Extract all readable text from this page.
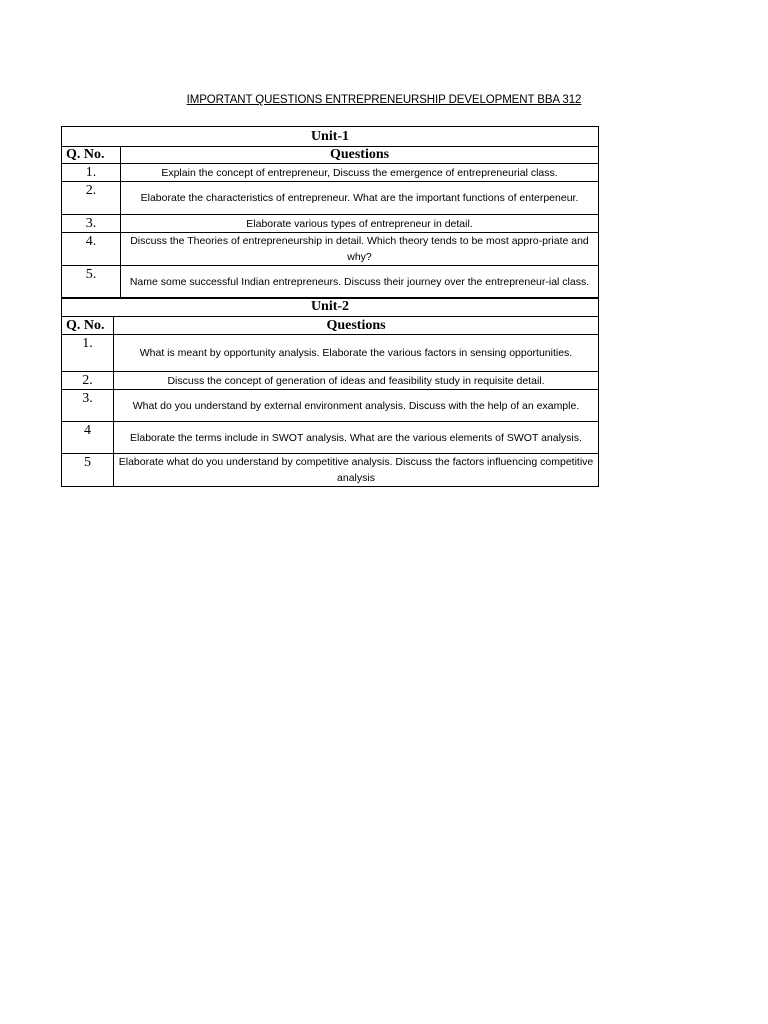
IMPORTANT QUESTIONS ENTREPRENEURSHIP DEVELOPMENT BBA 312
Unit-1	
Q. No.	Questions
1.	Explain the concept of entrepreneur, Discuss the emergence of entrepreneurial class.
2.	Elaborate the characteristics of entrepreneur. What are the important functions of enterpeneur.
3.	Elaborate various types of entrepreneur in detail.
4.	Discuss the Theories of entrepreneurship in detail. Which theory tends to be most appro-priate and why?
5.	Name some successful Indian entrepreneurs. Discuss their journey over the entrepreneur-ial class.
Unit-2	
Q. No.	Questions
1.	What is meant by opportunity analysis. Elaborate the various factors in sensing opportunities.
2.	Discuss the concept of generation of ideas and feasibility study in requisite detail.
3.	What do you understand by external environment analysis. Discuss with the help of an example.
4	Elaborate the terms include in SWOT analysis. What are the various elements of SWOT analysis.
5	Elaborate what do you understand by competitive analysis. Discuss the factors influencing competitive analysis
